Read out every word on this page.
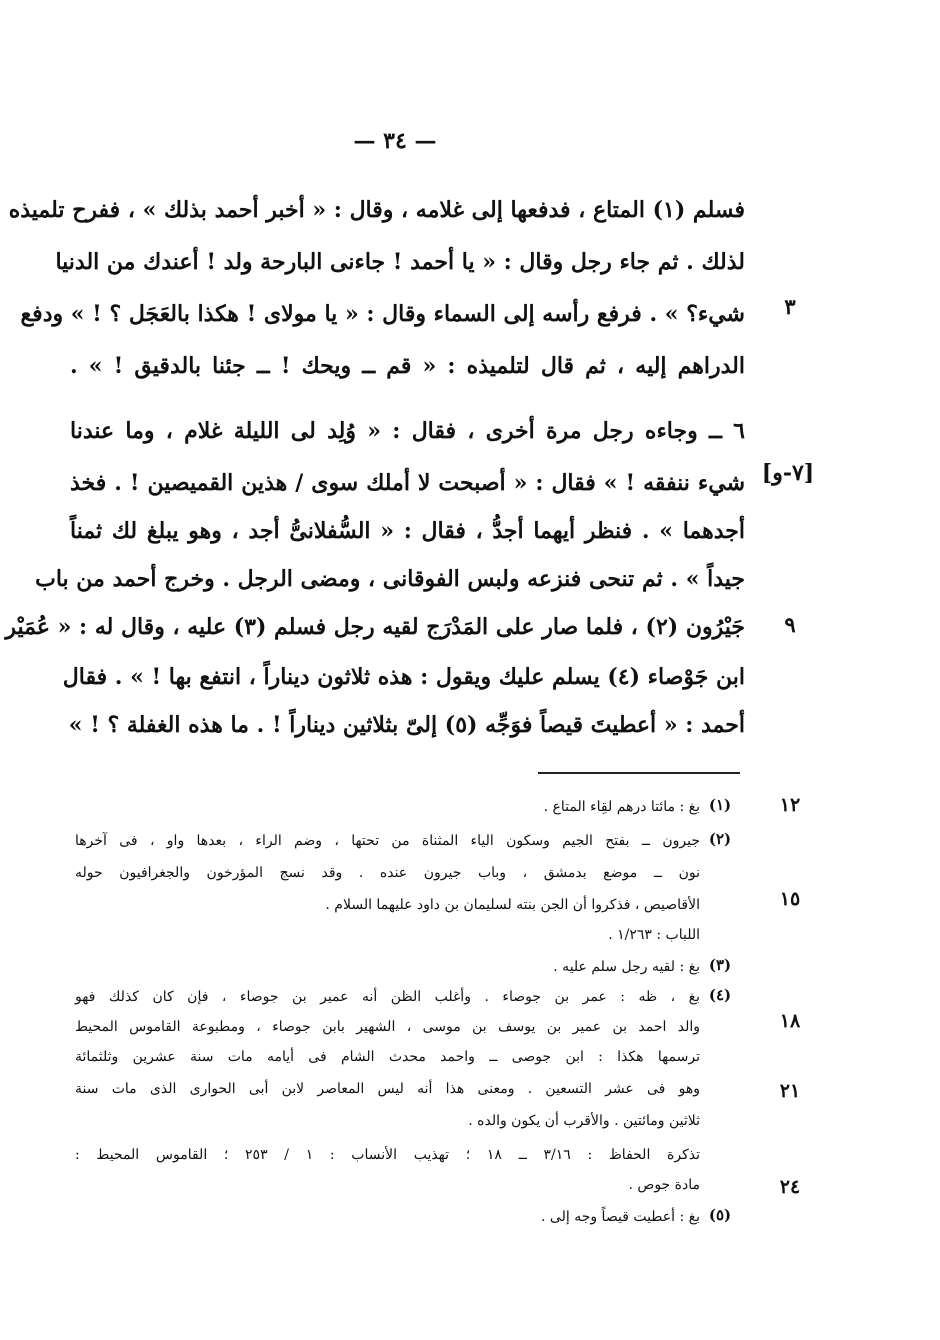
— ٣٤ —
فسلم (١) المتاع ، فدفعها إلى غلامه ، وقال : « أخبر أحمد بذلك » ، ففرح تلميذه
لذلك . ثم جاء رجل وقال : « يا أحمد ! جاءنى البارحة ولد ! أعندك من الدنيا
شيء؟ » . فرفع رأسه إلى السماء وقال : « يا مولاى ! هكذا بالعَجَل ؟ ! » ودفع
الدراهم إليه ، ثم قال لتلميذه : « قم ــ ويحك ! ــ جئنا بالدقيق ! » .
٦ ــ وجاءه رجل مرة أخرى ، فقال : « وُلِد لى الليلة غلام ، وما عندنا
شيء ننفقه ! » فقال : « أصبحت لا أملك سوى / هذين القميصين ! . فخذ
أجدهما » . فنظر أيهما أجدُّ ، فقال : « السُّفلانىُّ أجد ، وهو يبلغ لك ثمناً
جيداً » . ثم تنحى فنزعه ولبس الفوقانى ، ومضى الرجل . وخرج أحمد من باب
جَيْرُون (٢) ، فلما صار على المَدْرَج لقيه رجل فسلم (٣) عليه ، وقال له : « عُمَيْر
ابن جَوْصاء (٤) يسلم عليك ويقول : هذه ثلاثون ديناراً ، انتفع بها ! » . فقال
أحمد : « أعطيتَ قيصاً فوَجِّه (٥) إلىّ بثلاثين ديناراً ! . ما هذه الغفلة ؟ ! »
٣
[٧-و]
٩
(١)
بغ : مائتا درهم لقِاء المتاع .
(٢)
جيرون ــ بفتح الجيم وسكون الياء المثناة من تحتها ، وضم الراء ، بعدها واو ، فى آخرها
نون ــ موضع بدمشق ، وباب جيرون عنده . وقد نسج المؤرخون والجغرافيون حوله
الأقاصيص ، فذكروا أن الجن بنته لسليمان بن داود عليهما السلام .
اللباب : ١/٢٦٣ .
(٣)
بغ : لقيه رجل سلم عليه .
(٤)
بغ ، ظه : عمر بن جوصاء . وأغلب الظن أنه عمير بن جوصاء ، فإن كان كذلك فهو
والد احمد بن عمير بن يوسف بن موسى ، الشهير بابن جوصاء ، ومطبوعة القاموس المحيط
ترسمها هكذا : ابن جوصى ــ واحمد محدث الشام فى أيامه مات سنة عشرين وثلثمائة
وهو فى عشر التسعين . ومعنى هذا أنه ليس المعاصر لابن أبى الحوارى الذى مات سنة
ثلاثين ومائتين . والأقرب أن يكون والده .
تذكرة الحفاظ : ٣/١٦ ــ ١٨ ؛ تهذيب الأنساب : ١ / ٢٥٣ ؛ القاموس المحيط :
مادة جوص .
(٥)
بغ : أعطيت قيصاً وجه إلى .
١٢
١٥
١٨
٢١
٢٤
